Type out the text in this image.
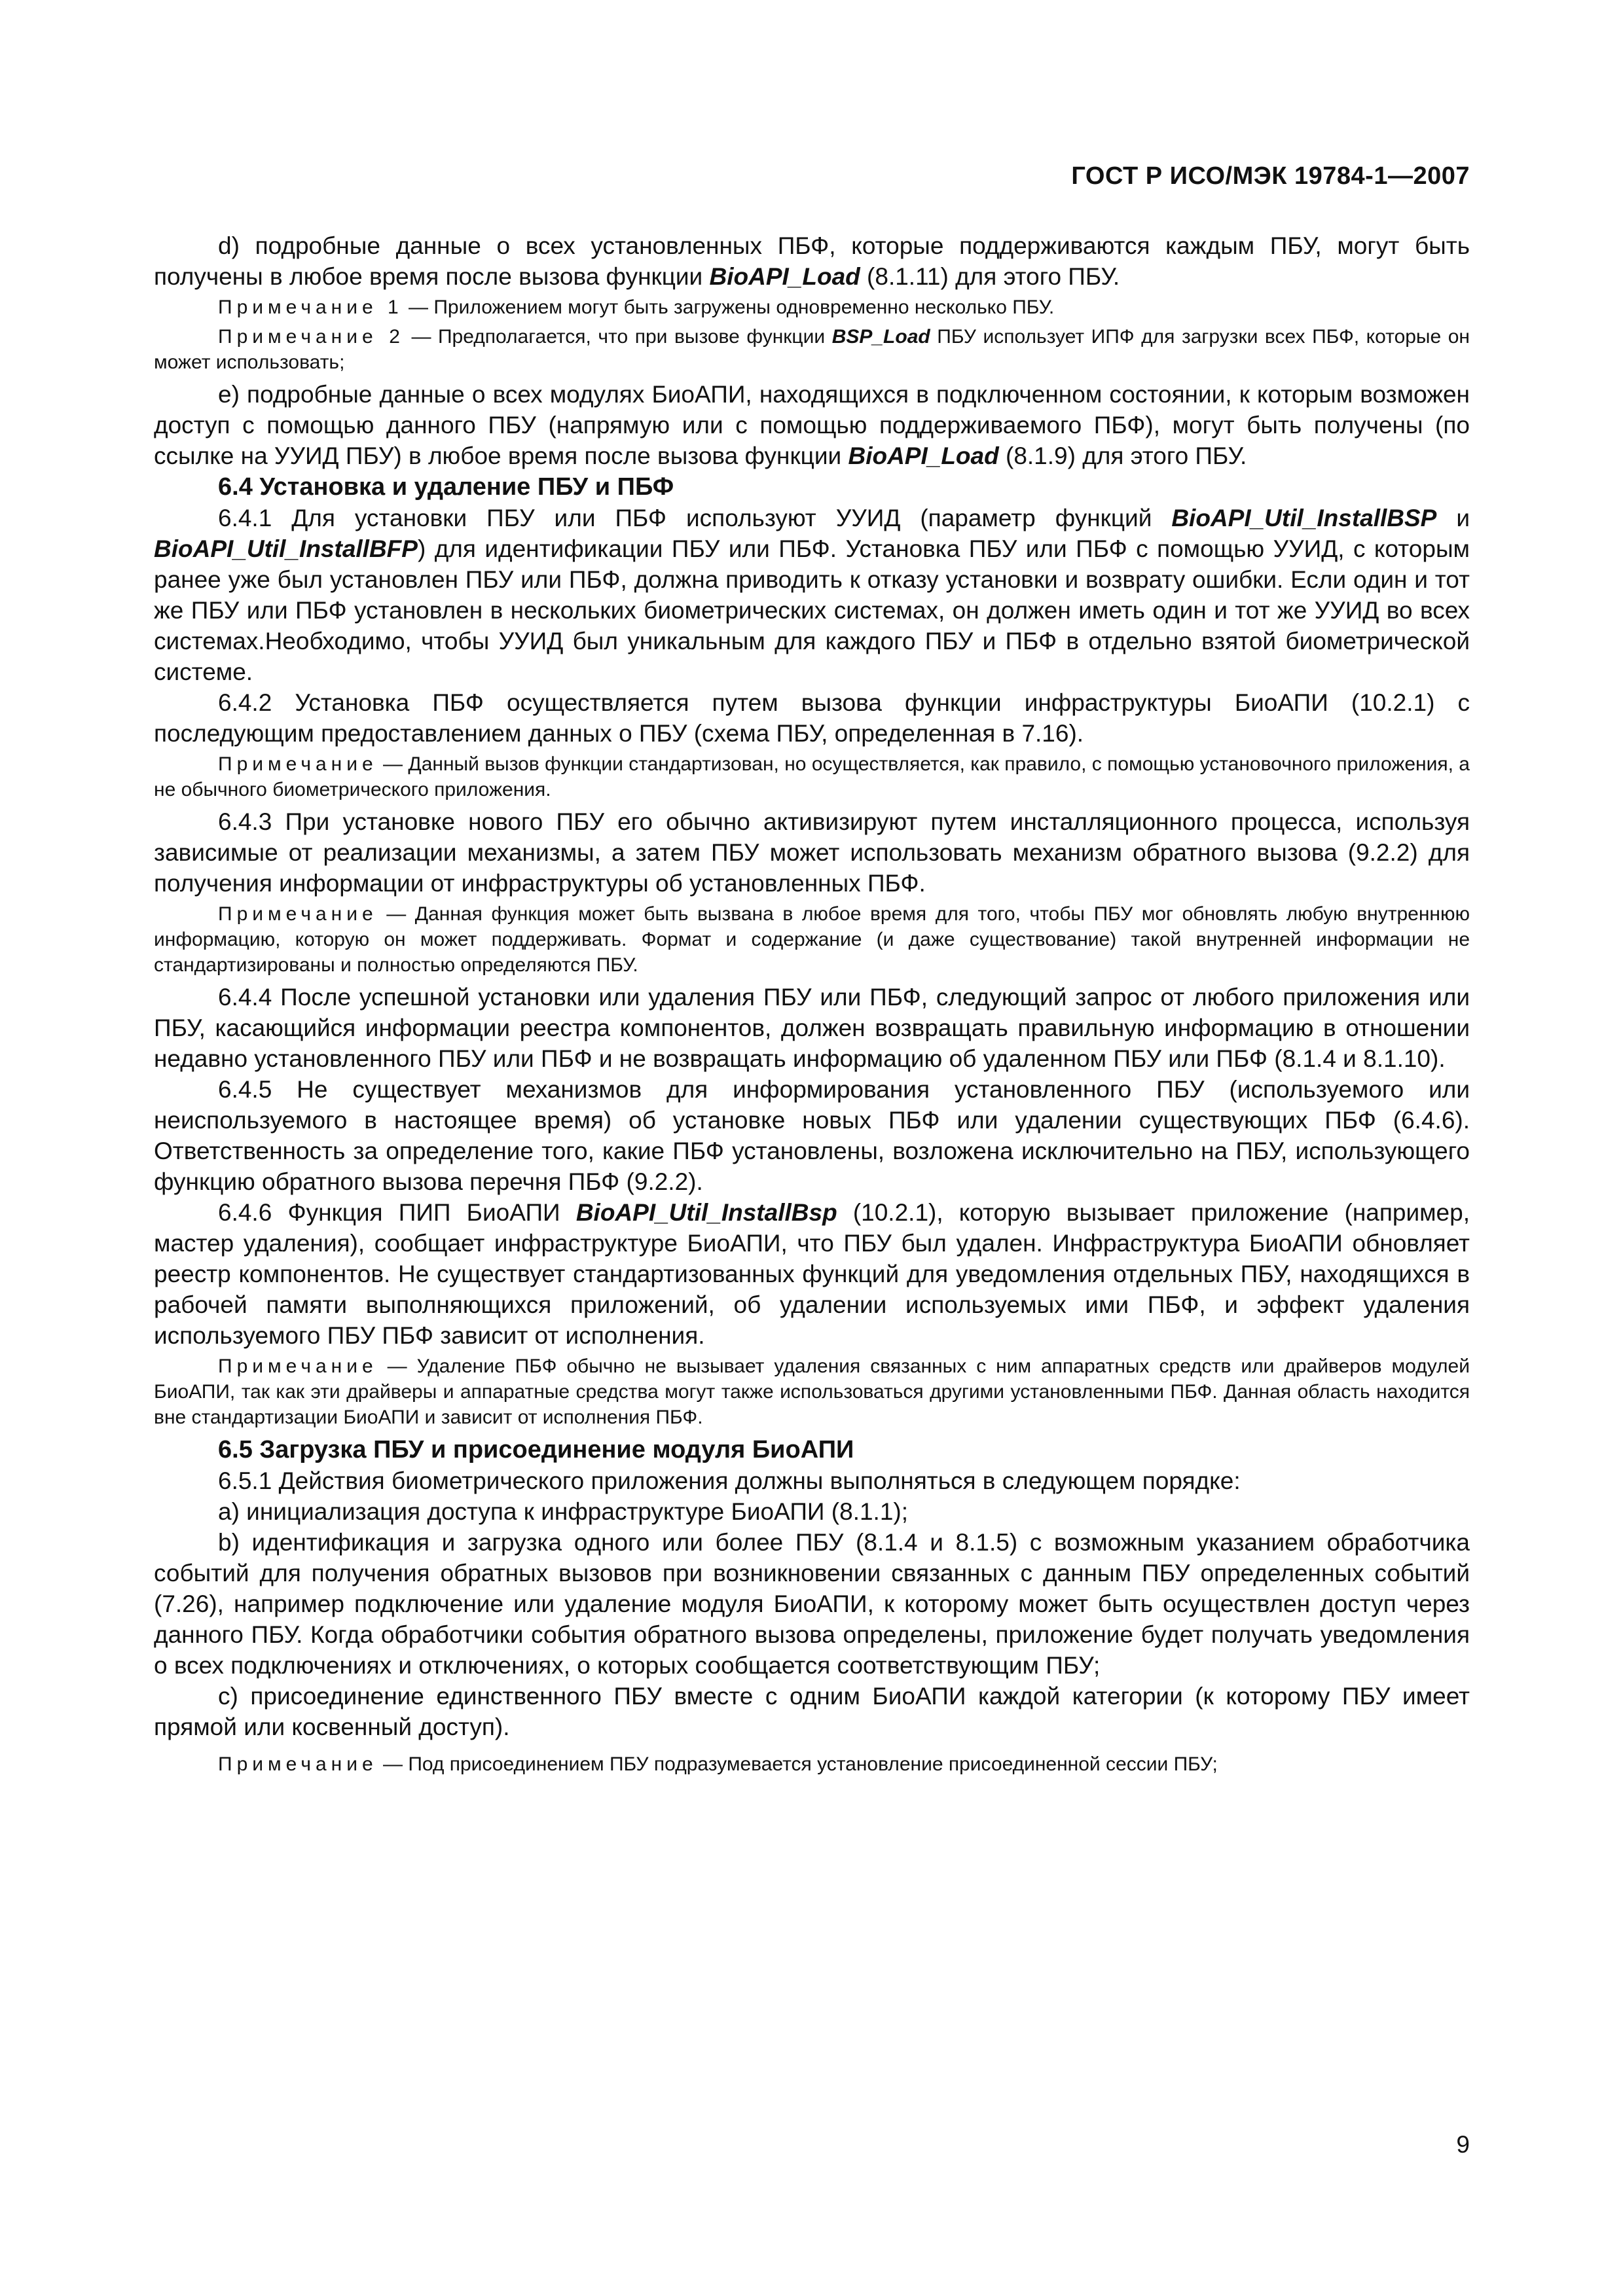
ГОСТ Р ИСО/МЭК 19784-1—2007

d) подробные данные о всех установленных ПБФ, которые поддерживаются каждым ПБУ, могут быть получены в любое время после вызова функции BioAPI_Load (8.1.11) для этого ПБУ.

Примечание 1 — Приложением могут быть загружены одновременно несколько ПБУ.

Примечание 2 — Предполагается, что при вызове функции BSP_Load ПБУ использует ИПФ для загрузки всех ПБФ, которые он может использовать;

e) подробные данные о всех модулях БиоАПИ, находящихся в подключенном состоянии, к которым возможен доступ с помощью данного ПБУ (напрямую или с помощью поддерживаемого ПБФ), могут быть получены (по ссылке на УУИД ПБУ) в любое время после вызова функции BioAPI_Load (8.1.9) для этого ПБУ.

6.4 Установка и удаление ПБУ и ПБФ

6.4.1 Для установки ПБУ или ПБФ используют УУИД (параметр функций BioAPI_Util_InstallBSP и BioAPI_Util_InstallBFP) для идентификации ПБУ или ПБФ. Установка ПБУ или ПБФ с помощью УУИД, с которым ранее уже был установлен ПБУ или ПБФ, должна приводить к отказу установки и возврату ошибки. Если один и тот же ПБУ или ПБФ установлен в нескольких биометрических системах, он должен иметь один и тот же УУИД во всех системах.Необходимо, чтобы УУИД был уникальным для каждого ПБУ и ПБФ в отдельно взятой биометрической системе.

6.4.2 Установка ПБФ осуществляется путем вызова функции инфраструктуры БиоАПИ (10.2.1) с последующим предоставлением данных о ПБУ (схема ПБУ, определенная в 7.16).

Примечание — Данный вызов функции стандартизован, но осуществляется, как правило, с помощью установочного приложения, а не обычного биометрического приложения.

6.4.3 При установке нового ПБУ его обычно активизируют путем инсталляционного процесса, используя зависимые от реализации механизмы, а затем ПБУ может использовать механизм обратного вызова (9.2.2) для получения информации от инфраструктуры об установленных ПБФ.

Примечание — Данная функция может быть вызвана в любое время для того, чтобы ПБУ мог обновлять любую внутреннюю информацию, которую он может поддерживать. Формат и содержание (и даже существование) такой внутренней информации не стандартизированы и полностью определяются ПБУ.

6.4.4 После успешной установки или удаления ПБУ или ПБФ, следующий запрос от любого приложения или ПБУ, касающийся информации реестра компонентов, должен возвращать правильную информацию в отношении недавно установленного ПБУ или ПБФ и не возвращать информацию об удаленном ПБУ или ПБФ (8.1.4 и 8.1.10).

6.4.5 Не существует механизмов для информирования установленного ПБУ (используемого или неиспользуемого в настоящее время) об установке новых ПБФ или удалении существующих ПБФ (6.4.6). Ответственность за определение того, какие ПБФ установлены, возложена исключительно на ПБУ, использующего функцию обратного вызова перечня ПБФ (9.2.2).

6.4.6 Функция ПИП БиоАПИ BioAPI_Util_InstallBsp (10.2.1), которую вызывает приложение (например, мастер удаления), сообщает инфраструктуре БиоАПИ, что ПБУ был удален. Инфраструктура БиоАПИ обновляет реестр компонентов. Не существует стандартизованных функций для уведомления отдельных ПБУ, находящихся в рабочей памяти выполняющихся приложений, об удалении используемых ими ПБФ, и эффект удаления используемого ПБУ ПБФ зависит от исполнения.

Примечание — Удаление ПБФ обычно не вызывает удаления связанных с ним аппаратных средств или драйверов модулей БиоАПИ, так как эти драйверы и аппаратные средства могут также использоваться другими установленными ПБФ. Данная область находится вне стандартизации БиоАПИ и зависит от исполнения ПБФ.

6.5 Загрузка ПБУ и присоединение модуля БиоАПИ

6.5.1 Действия биометрического приложения должны выполняться в следующем порядке:

a) инициализация доступа к инфраструктуре БиоАПИ (8.1.1);

b) идентификация и загрузка одного или более ПБУ (8.1.4 и 8.1.5) с возможным указанием обработчика событий для получения обратных вызовов при возникновении связанных с данным ПБУ определенных событий (7.26), например подключение или удаление модуля БиоАПИ, к которому может быть осуществлен доступ через данного ПБУ. Когда обработчики события обратного вызова определены, приложение будет получать уведомления о всех подключениях и отключениях, о которых сообщается соответствующим ПБУ;

c) присоединение единственного ПБУ вместе с одним БиоАПИ каждой категории (к которому ПБУ имеет прямой или косвенный доступ).

Примечание — Под присоединением ПБУ подразумевается установление присоединенной сессии ПБУ;

9
